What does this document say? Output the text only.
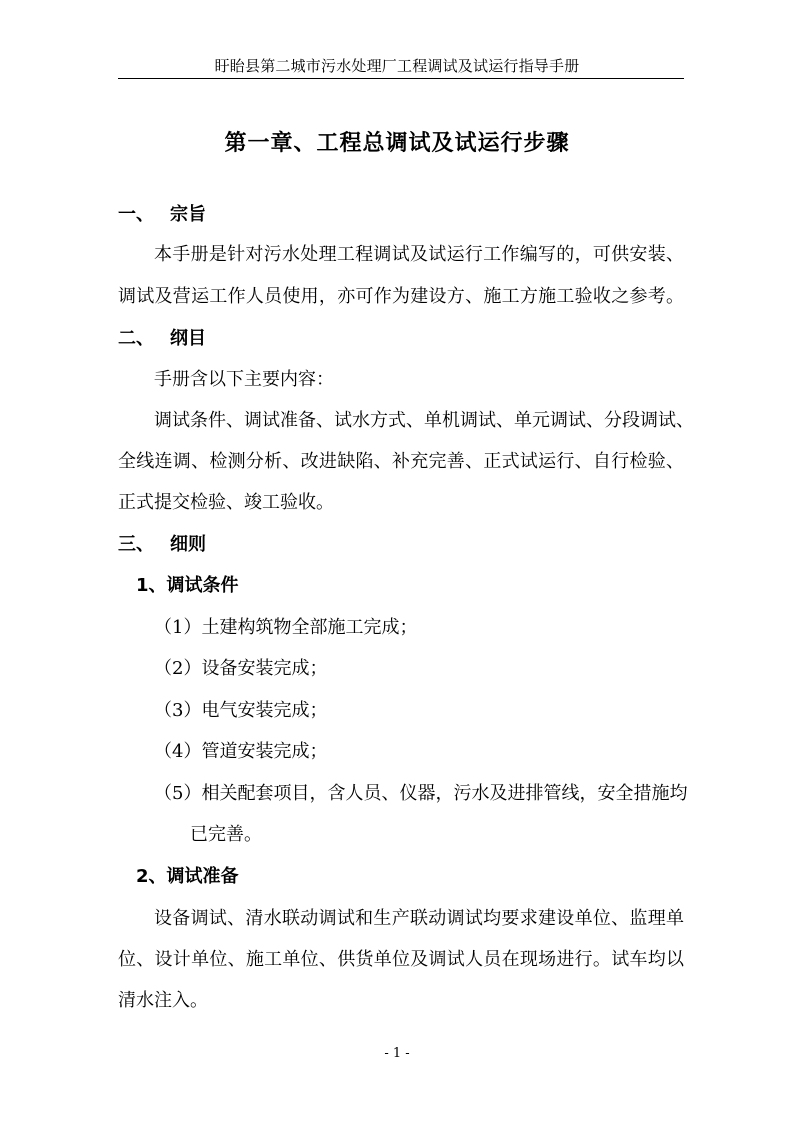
盱眙县第二城市污水处理厂工程调试及试运行指导手册
第一章、工程总调试及试运行步骤
一、 宗旨
本手册是针对污水处理工程调试及试运行工作编写的，可供安装、
调试及营运工作人员使用，亦可作为建设方、施工方施工验收之参考。
二、 纲目
手册含以下主要内容：
调试条件、调试准备、试水方式、单机调试、单元调试、分段调试、
全线连调、检测分析、改进缺陷、补充完善、正式试运行、自行检验、
正式提交检验、竣工验收。
三、 细则
1、调试条件
（1）土建构筑物全部施工完成；
（2）设备安装完成；
（3）电气安装完成；
（4）管道安装完成；
（5）相关配套项目，含人员、仪器，污水及进排管线，安全措施均
已完善。
2、调试准备
设备调试、清水联动调试和生产联动调试均要求建设单位、监理单
位、设计单位、施工单位、供货单位及调试人员在现场进行。试车均以
清水注入。
- 1 -
